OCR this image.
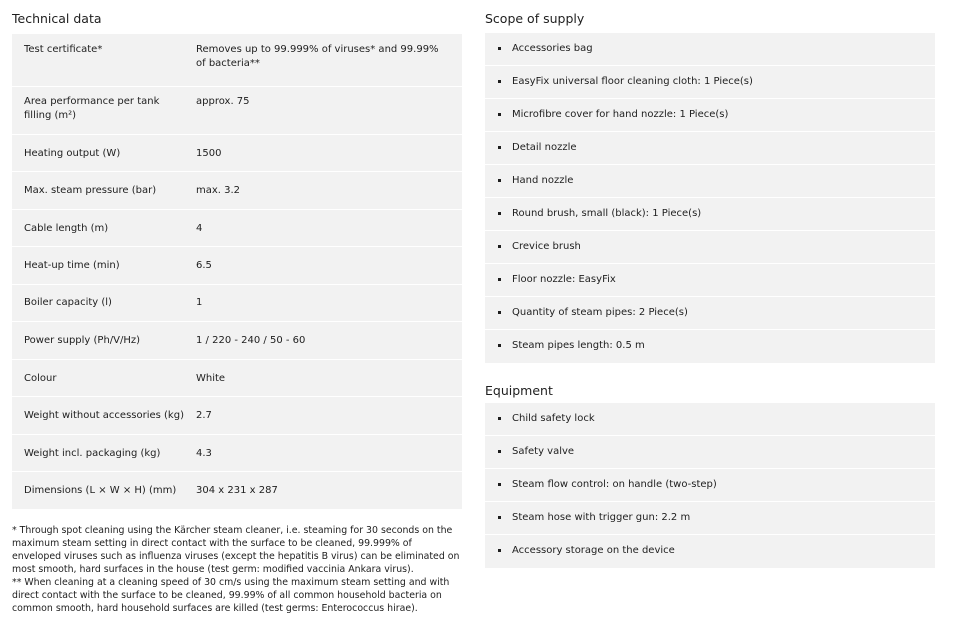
Technical data	Scope of supply
Equipment
Test certificate*	Removes up to 99.999% of viruses* and 99.99% of bacteria**
Area performance per tank filling (m²)	approx. 75
Heating output (W)	1500
Max. steam pressure (bar)	max. 3.2
Cable length (m)	4
Heat-up time (min)	6.5
Boiler capacity (l)	1
Power supply (Ph/V/Hz)	1 / 220 - 240 / 50 - 60
Colour	White
Weight without accessories (kg)	2.7
Weight incl. packaging (kg)	4.3
Dimensions (L × W × H) (mm)	304 x 231 x 287
Accessories bag
EasyFix universal floor cleaning cloth: 1 Piece(s)
Microfibre cover for hand nozzle: 1 Piece(s)
Detail nozzle
Hand nozzle
Round brush, small (black): 1 Piece(s)
Crevice brush
Floor nozzle: EasyFix
Quantity of steam pipes: 2 Piece(s)
Steam pipes length: 0.5 m
Child safety lock
Safety valve
Steam flow control: on handle (two-step)
Steam hose with trigger gun: 2.2 m
Accessory storage on the device

* Through spot cleaning using the Kärcher steam cleaner, i.e. steaming for 30 seconds on the maximum steam setting in direct contact with the surface to be cleaned, 99.999% of enveloped viruses such as influenza viruses (except the hepatitis B virus) can be eliminated on most smooth, hard surfaces in the house (test germ: modified vaccinia Ankara virus).

** When cleaning at a cleaning speed of 30 cm/s using the maximum steam setting and with direct contact with the surface to be cleaned, 99.99% of all common household bacteria on common smooth, hard household surfaces are killed (test germs: Enterococcus hirae).
